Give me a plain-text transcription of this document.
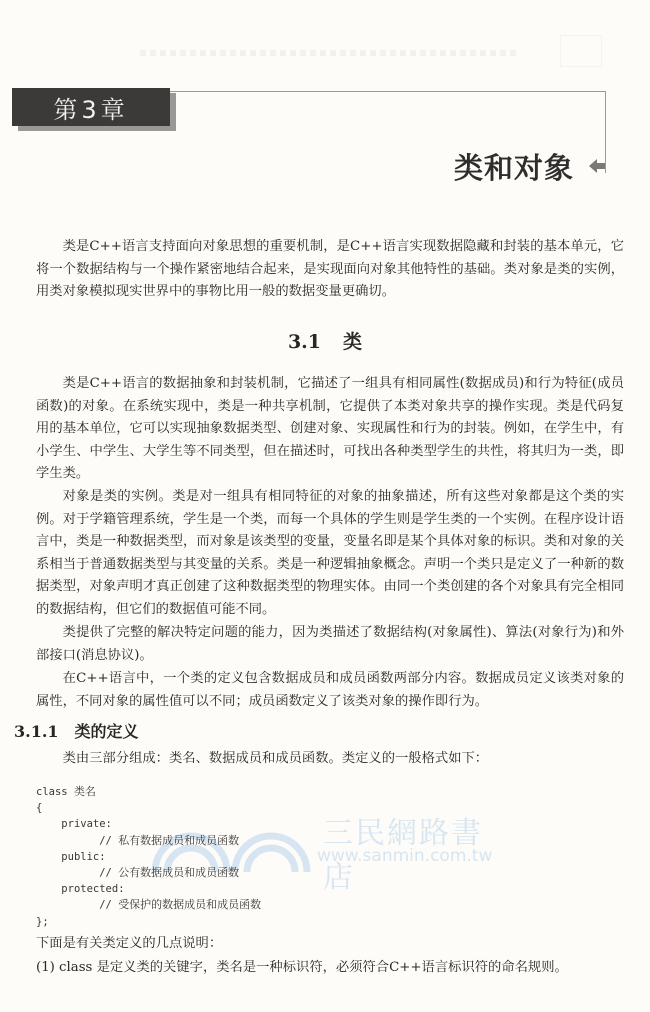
第3章
类和对象

类是C++语言支持面向对象思想的重要机制，是C++语言实现数据隐藏和封装的基本单元，它将一个数据结构与一个操作紧密地结合起来，是实现面向对象其他特性的基础。类对象是类的实例，用类对象模拟现实世界中的事物比用一般的数据变量更确切。

3.1 类

类是C++语言的数据抽象和封装机制，它描述了一组具有相同属性(数据成员)和行为特征(成员函数)的对象。在系统实现中，类是一种共享机制，它提供了本类对象共享的操作实现。类是代码复用的基本单位，它可以实现抽象数据类型、创建对象、实现属性和行为的封装。例如，在学生中，有小学生、中学生、大学生等不同类型，但在描述时，可找出各种类型学生的共性，将其归为一类，即学生类。

对象是类的实例。类是对一组具有相同特征的对象的抽象描述，所有这些对象都是这个类的实例。对于学籍管理系统，学生是一个类，而每一个具体的学生则是学生类的一个实例。在程序设计语言中，类是一种数据类型，而对象是该类型的变量，变量名即是某个具体对象的标识。类和对象的关系相当于普通数据类型与其变量的关系。类是一种逻辑抽象概念。声明一个类只是定义了一种新的数据类型，对象声明才真正创建了这种数据类型的物理实体。由同一个类创建的各个对象具有完全相同的数据结构，但它们的数据值可能不同。

类提供了完整的解决特定问题的能力，因为类描述了数据结构(对象属性)、算法(对象行为)和外部接口(消息协议)。

在C++语言中，一个类的定义包含数据成员和成员函数两部分内容。数据成员定义该类对象的属性，不同对象的属性值可以不同；成员函数定义了该类对象的操作即行为。

3.1.1 类的定义

类由三部分组成：类名、数据成员和成员函数。类定义的一般格式如下：

三民網路書店
www.sanmin.com.tw
class 类名
{
private:
// 私有数据成员和成员函数
public:
// 公有数据成员和成员函数
protected:
// 受保护的数据成员和成员函数
};

下面是有关类定义的几点说明：

(1) class 是定义类的关键字，类名是一种标识符，必须符合C++语言标识符的命名规则。
